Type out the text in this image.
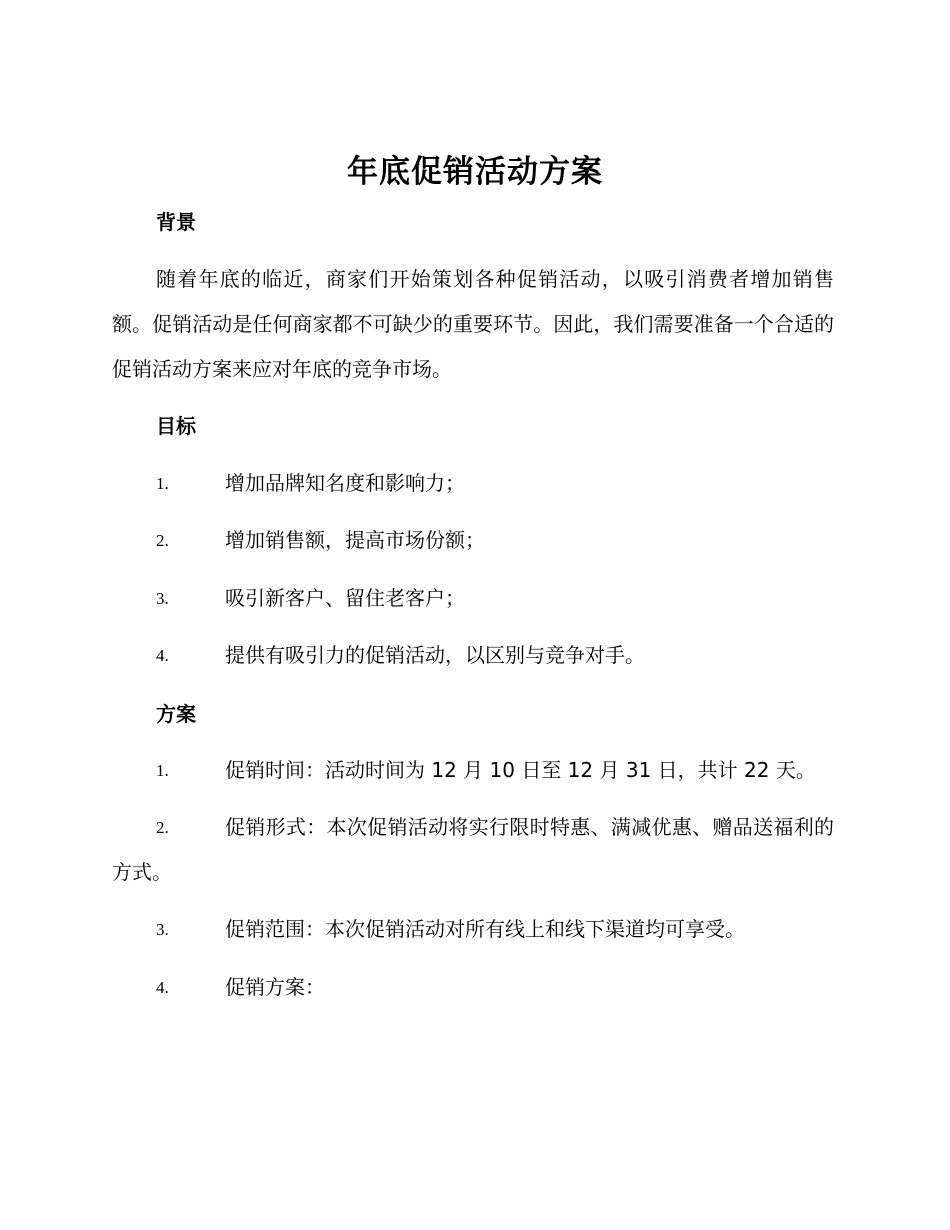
年底促销活动方案
背景

随着年底的临近，商家们开始策划各种促销活动，以吸引消费者增加销售额。促销活动是任何商家都不可缺少的重要环节。因此，我们需要准备一个合适的促销活动方案来应对年底的竞争市场。

目标
1.	增加品牌知名度和影响力；
2.	增加销售额，提高市场份额；
3.	吸引新客户、留住老客户；
4.	提供有吸引力的促销活动，以区别与竞争对手。
方案
1.	促销时间：活动时间为 12 月 10 日至 12 月 31 日，共计 22 天。
2.	促销形式：本次促销活动将实行限时特惠、满减优惠、赠品送福利的方式。
3.	促销范围：本次促销活动对所有线上和线下渠道均可享受。
4.	促销方案：
